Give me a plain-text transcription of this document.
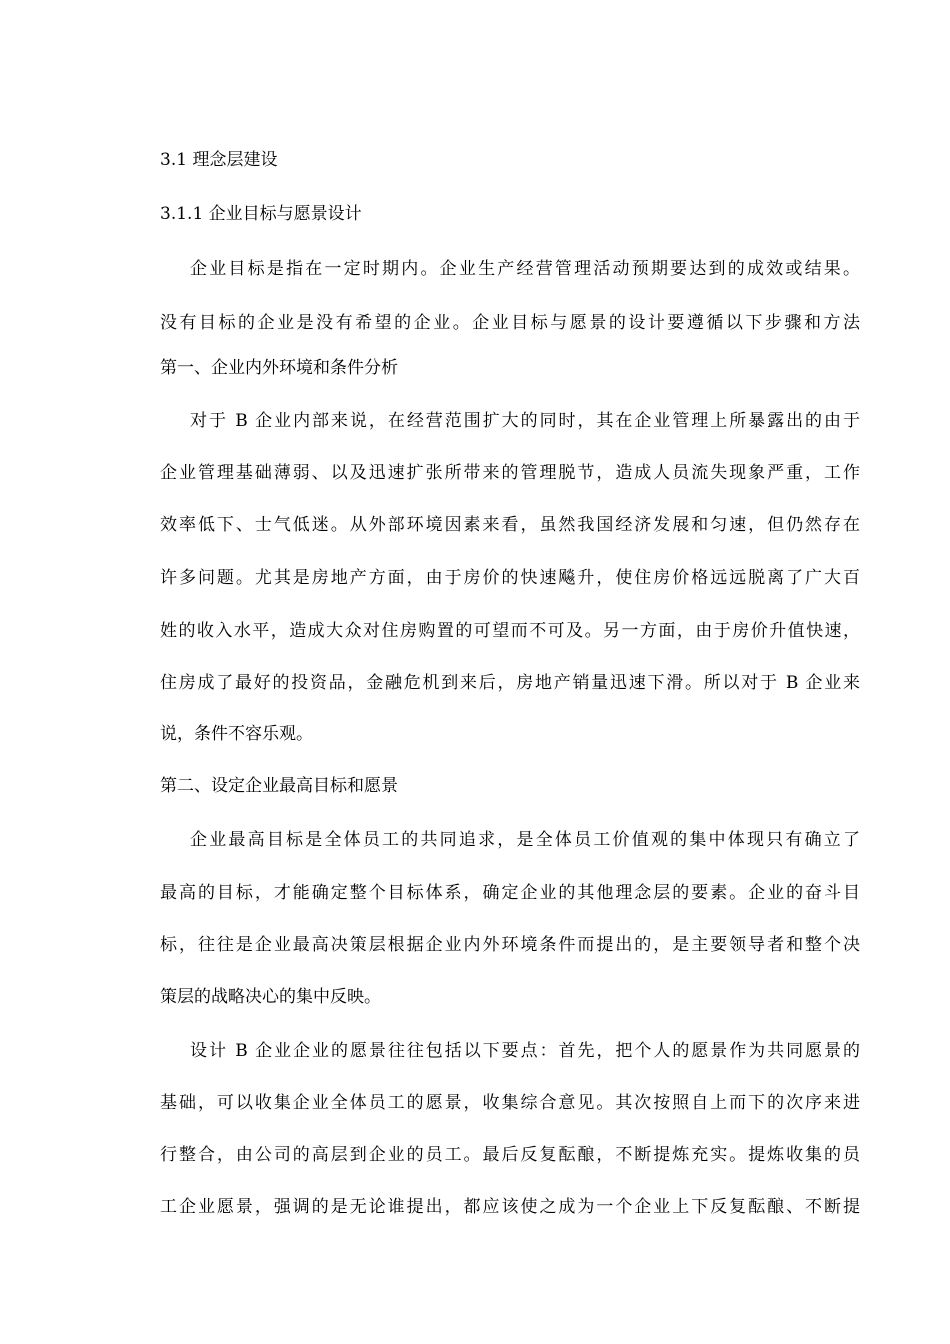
3.1 理念层建设
3.1.1 企业目标与愿景设计
企业目标是指在一定时期内。企业生产经营管理活动预期要达到的成效或结果。
没有目标的企业是没有希望的企业。企业目标与愿景的设计要遵循以下步骤和方法
第一、企业内外环境和条件分析
对于 B 企业内部来说，在经营范围扩大的同时，其在企业管理上所暴露出的由于
企业管理基础薄弱、以及迅速扩张所带来的管理脱节，造成人员流失现象严重，工作
效率低下、士气低迷。从外部环境因素来看，虽然我国经济发展和匀速，但仍然存在
许多问题。尤其是房地产方面，由于房价的快速飚升，使住房价格远远脱离了广大百
姓的收入水平，造成大众对住房购置的可望而不可及。另一方面，由于房价升值快速，
住房成了最好的投资品，金融危机到来后，房地产销量迅速下滑。所以对于 B 企业来
说，条件不容乐观。
第二、设定企业最高目标和愿景
企业最高目标是全体员工的共同追求，是全体员工价值观的集中体现只有确立了
最高的目标，才能确定整个目标体系，确定企业的其他理念层的要素。企业的奋斗目
标，往往是企业最高决策层根据企业内外环境条件而提出的，是主要领导者和整个决
策层的战略决心的集中反映。
设计 B 企业企业的愿景往往包括以下要点：首先，把个人的愿景作为共同愿景的
基础，可以收集企业全体员工的愿景，收集综合意见。其次按照自上而下的次序来进
行整合，由公司的高层到企业的员工。最后反复酝酿，不断提炼充实。提炼收集的员
工企业愿景，强调的是无论谁提出，都应该使之成为一个企业上下反复酝酿、不断提
